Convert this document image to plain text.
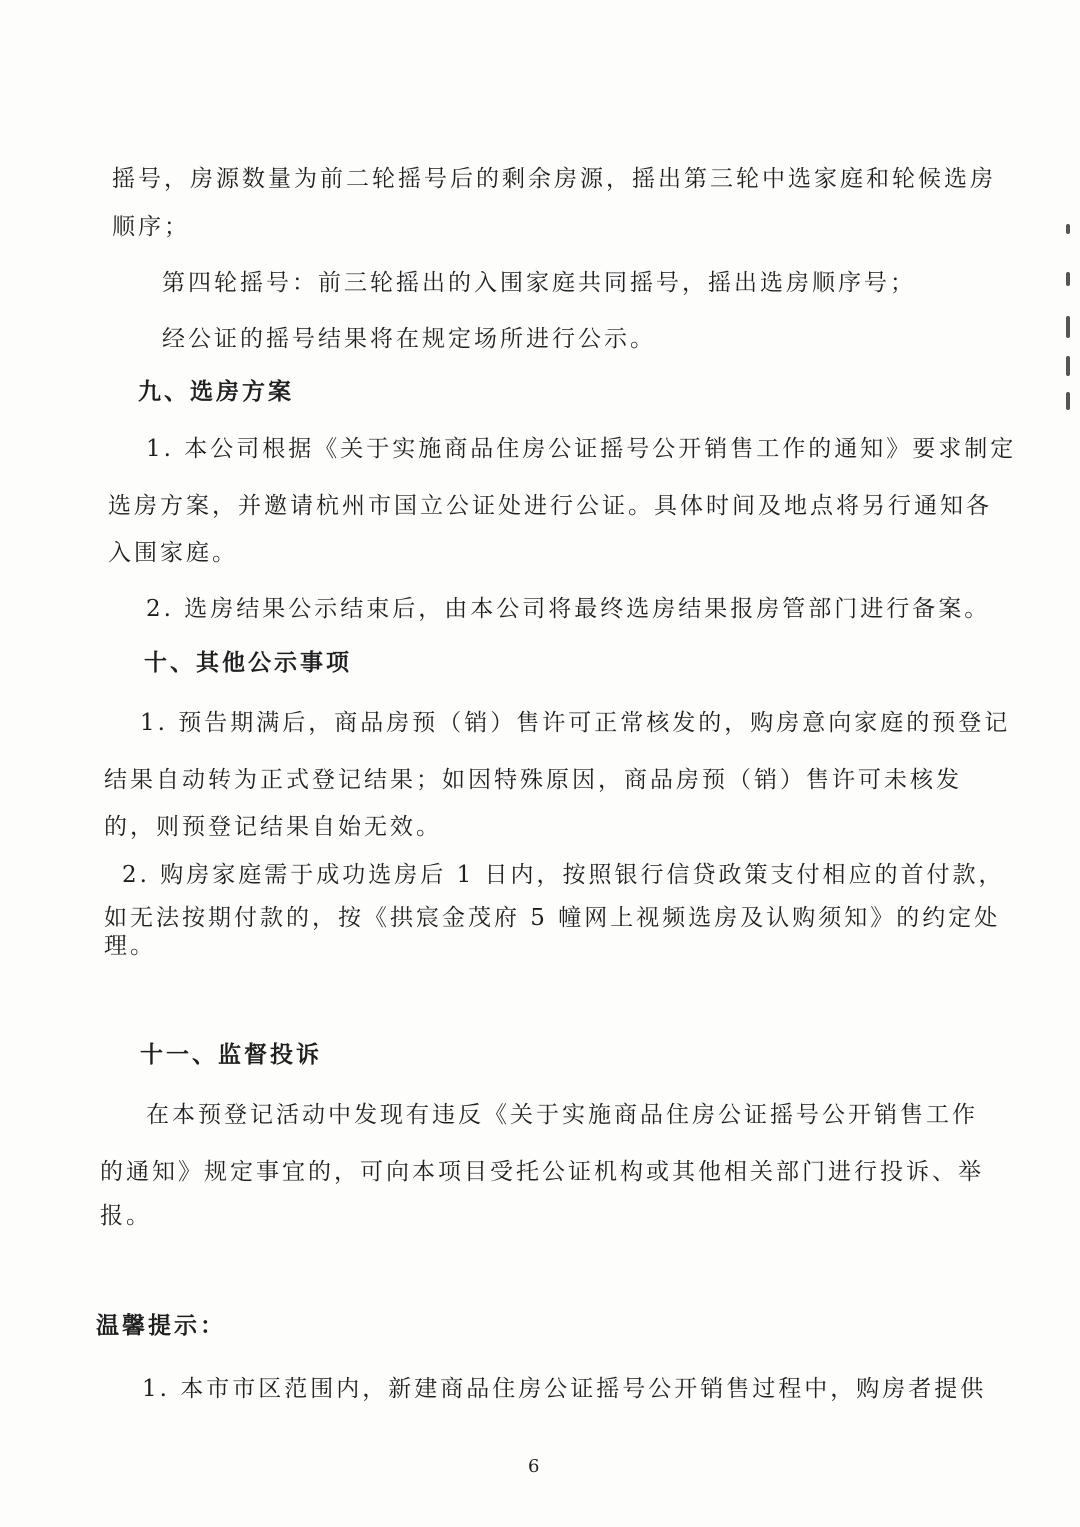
摇号，房源数量为前二轮摇号后的剩余房源，摇出第三轮中选家庭和轮候选房
顺序；
第四轮摇号：前三轮摇出的入围家庭共同摇号，摇出选房顺序号；
经公证的摇号结果将在规定场所进行公示。
九、选房方案
1. 本公司根据《关于实施商品住房公证摇号公开销售工作的通知》要求制定
选房方案，并邀请杭州市国立公证处进行公证。具体时间及地点将另行通知各
入围家庭。
2. 选房结果公示结束后，由本公司将最终选房结果报房管部门进行备案。
十、其他公示事项
1. 预告期满后，商品房预（销）售许可正常核发的，购房意向家庭的预登记
结果自动转为正式登记结果；如因特殊原因，商品房预（销）售许可未核发
的，则预登记结果自始无效。
2. 购房家庭需于成功选房后 1 日内，按照银行信贷政策支付相应的首付款，
如无法按期付款的，按《拱宸金茂府 5 幢网上视频选房及认购须知》的约定处
理。
十一、监督投诉
在本预登记活动中发现有违反《关于实施商品住房公证摇号公开销售工作
的通知》规定事宜的，可向本项目受托公证机构或其他相关部门进行投诉、举
报。
温馨提示：
1. 本市市区范围内，新建商品住房公证摇号公开销售过程中，购房者提供
6
